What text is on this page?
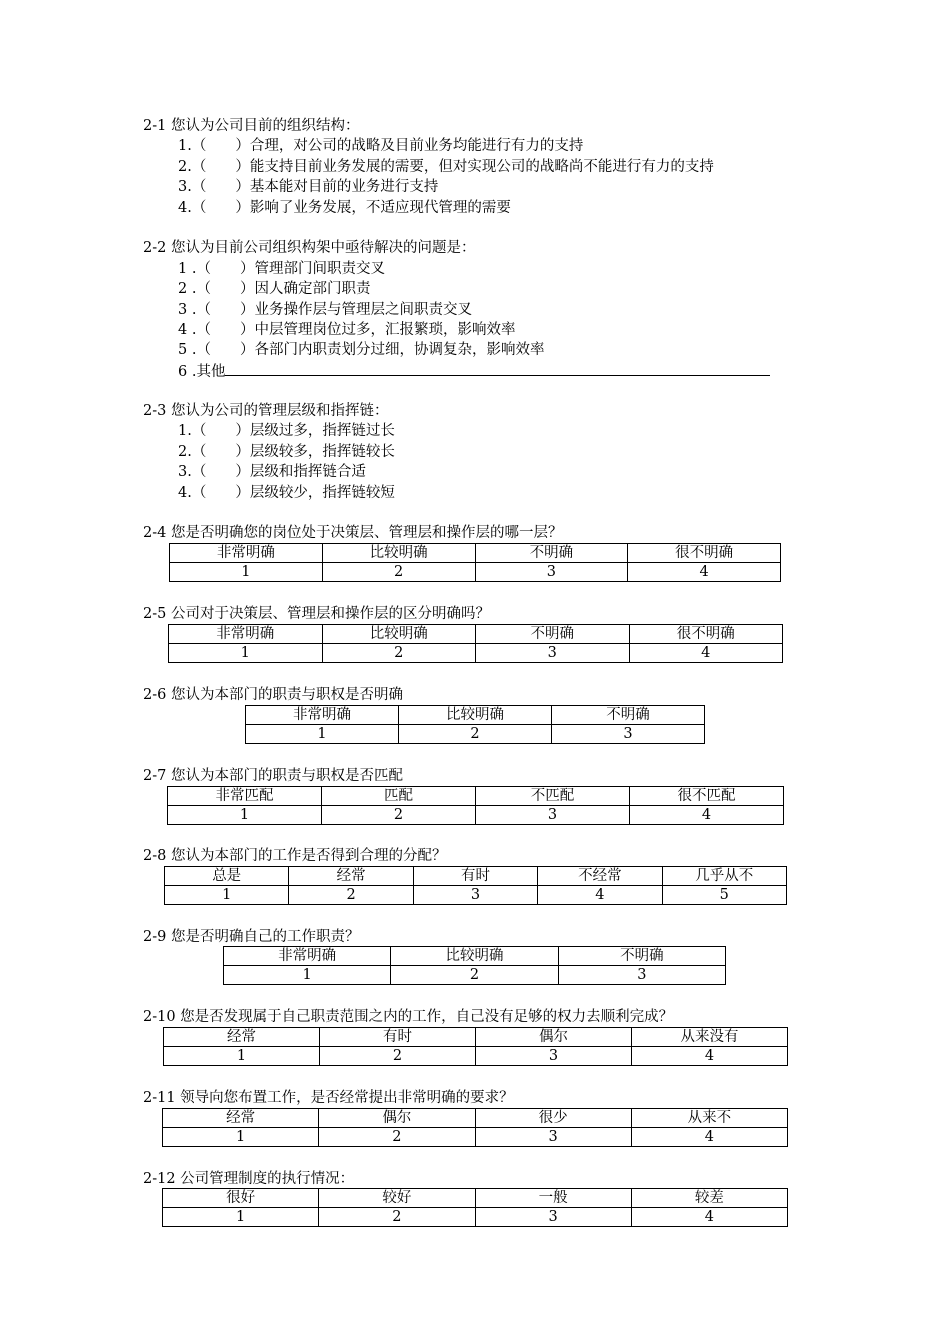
2-1 您认为公司目前的组织结构：
1.（　　）合理，对公司的战略及目前业务均能进行有力的支持
2.（　　）能支持目前业务发展的需要，但对实现公司的战略尚不能进行有力的支持
3.（　　）基本能对目前的业务进行支持
4.（　　）影响了业务发展，不适应现代管理的需要
2-2 您认为目前公司组织构架中亟待解决的问题是：
1 .（　　）管理部门间职责交叉
2 .（　　）因人确定部门职责
3 .（　　）业务操作层与管理层之间职责交叉
4 .（　　）中层管理岗位过多，汇报繁琐，影响效率
5 .（　　）各部门内职责划分过细，协调复杂，影响效率
6 .其他
2-3 您认为公司的管理层级和指挥链：
1.（　　）层级过多，指挥链过长
2.（　　）层级较多，指挥链较长
3.（　　）层级和指挥链合适
4.（　　）层级较少，指挥链较短
2-4 您是否明确您的岗位处于决策层、管理层和操作层的哪一层？
非常明确	比较明确	不明确	很不明确
1	2	3	4
2-5 公司对于决策层、管理层和操作层的区分明确吗？
非常明确	比较明确	不明确	很不明确
1	2	3	4
2-6 您认为本部门的职责与职权是否明确
非常明确	比较明确	不明确
1	2	3
2-7 您认为本部门的职责与职权是否匹配
非常匹配	匹配	不匹配	很不匹配
1	2	3	4
2-8 您认为本部门的工作是否得到合理的分配？
总是	经常	有时	不经常	几乎从不
1	2	3	4	5
2-9 您是否明确自己的工作职责？
非常明确	比较明确	不明确
1	2	3
2-10 您是否发现属于自己职责范围之内的工作，自己没有足够的权力去顺利完成？
经常	有时	偶尔	从来没有
1	2	3	4
2-11 领导向您布置工作，是否经常提出非常明确的要求？
经常	偶尔	很少	从来不
1	2	3	4
2-12 公司管理制度的执行情况：
很好	较好	一般	较差
1	2	3	4
